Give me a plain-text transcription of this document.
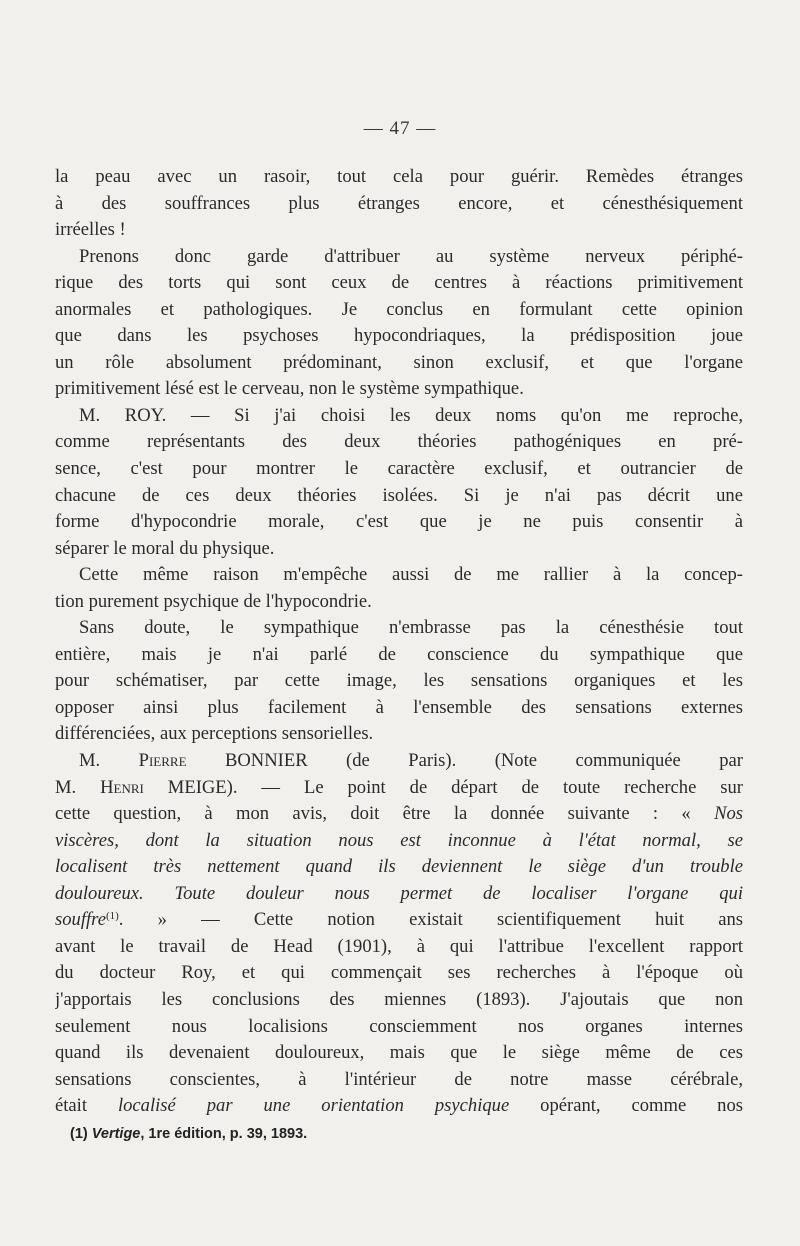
— 47 —
la peau avec un rasoir, tout cela pour guérir. Remèdes étranges
à des souffrances plus étranges encore, et cénesthésiquement
irréelles !
Prenons donc garde d'attribuer au système nerveux périphé-
rique des torts qui sont ceux de centres à réactions primitivement
anormales et pathologiques. Je conclus en formulant cette opinion
que dans les psychoses hypocondriaques, la prédisposition joue
un rôle absolument prédominant, sinon exclusif, et que l'organe
primitivement lésé est le cerveau, non le système sympathique.
M. ROY. — Si j'ai choisi les deux noms qu'on me reproche,
comme représentants des deux théories pathogéniques en pré-
sence, c'est pour montrer le caractère exclusif, et outrancier de
chacune de ces deux théories isolées. Si je n'ai pas décrit une
forme d'hypocondrie morale, c'est que je ne puis consentir à
séparer le moral du physique.
Cette même raison m'empêche aussi de me rallier à la concep-
tion purement psychique de l'hypocondrie.
Sans doute, le sympathique n'embrasse pas la cénesthésie tout
entière, mais je n'ai parlé de conscience du sympathique que
pour schématiser, par cette image, les sensations organiques et les
opposer ainsi plus facilement à l'ensemble des sensations externes
différenciées, aux perceptions sensorielles.
M. Pierre BONNIER (de Paris). (Note communiquée par
M. Henri MEIGE). — Le point de départ de toute recherche sur
cette question, à mon avis, doit être la donnée suivante : « Nos
viscères, dont la situation nous est inconnue à l'état normal, se
localisent très nettement quand ils deviennent le siège d'un trouble
douloureux. Toute douleur nous permet de localiser l'organe qui
souffre$^{(1)}$. » — Cette notion existait scientifiquement huit ans
avant le travail de Head (1901), à qui l'attribue l'excellent rapport
du docteur Roy, et qui commençait ses recherches à l'époque où
j'apportais les conclusions des miennes (1893). J'ajoutais que non
seulement nous localisions consciemment nos organes internes
quand ils devenaient douloureux, mais que le siège même de ces
sensations conscientes, à l'intérieur de notre masse cérébrale,
était localisé par une orientation psychique opérant, comme nos
(1) Vertige, 1re édition, p. 39, 1893.
